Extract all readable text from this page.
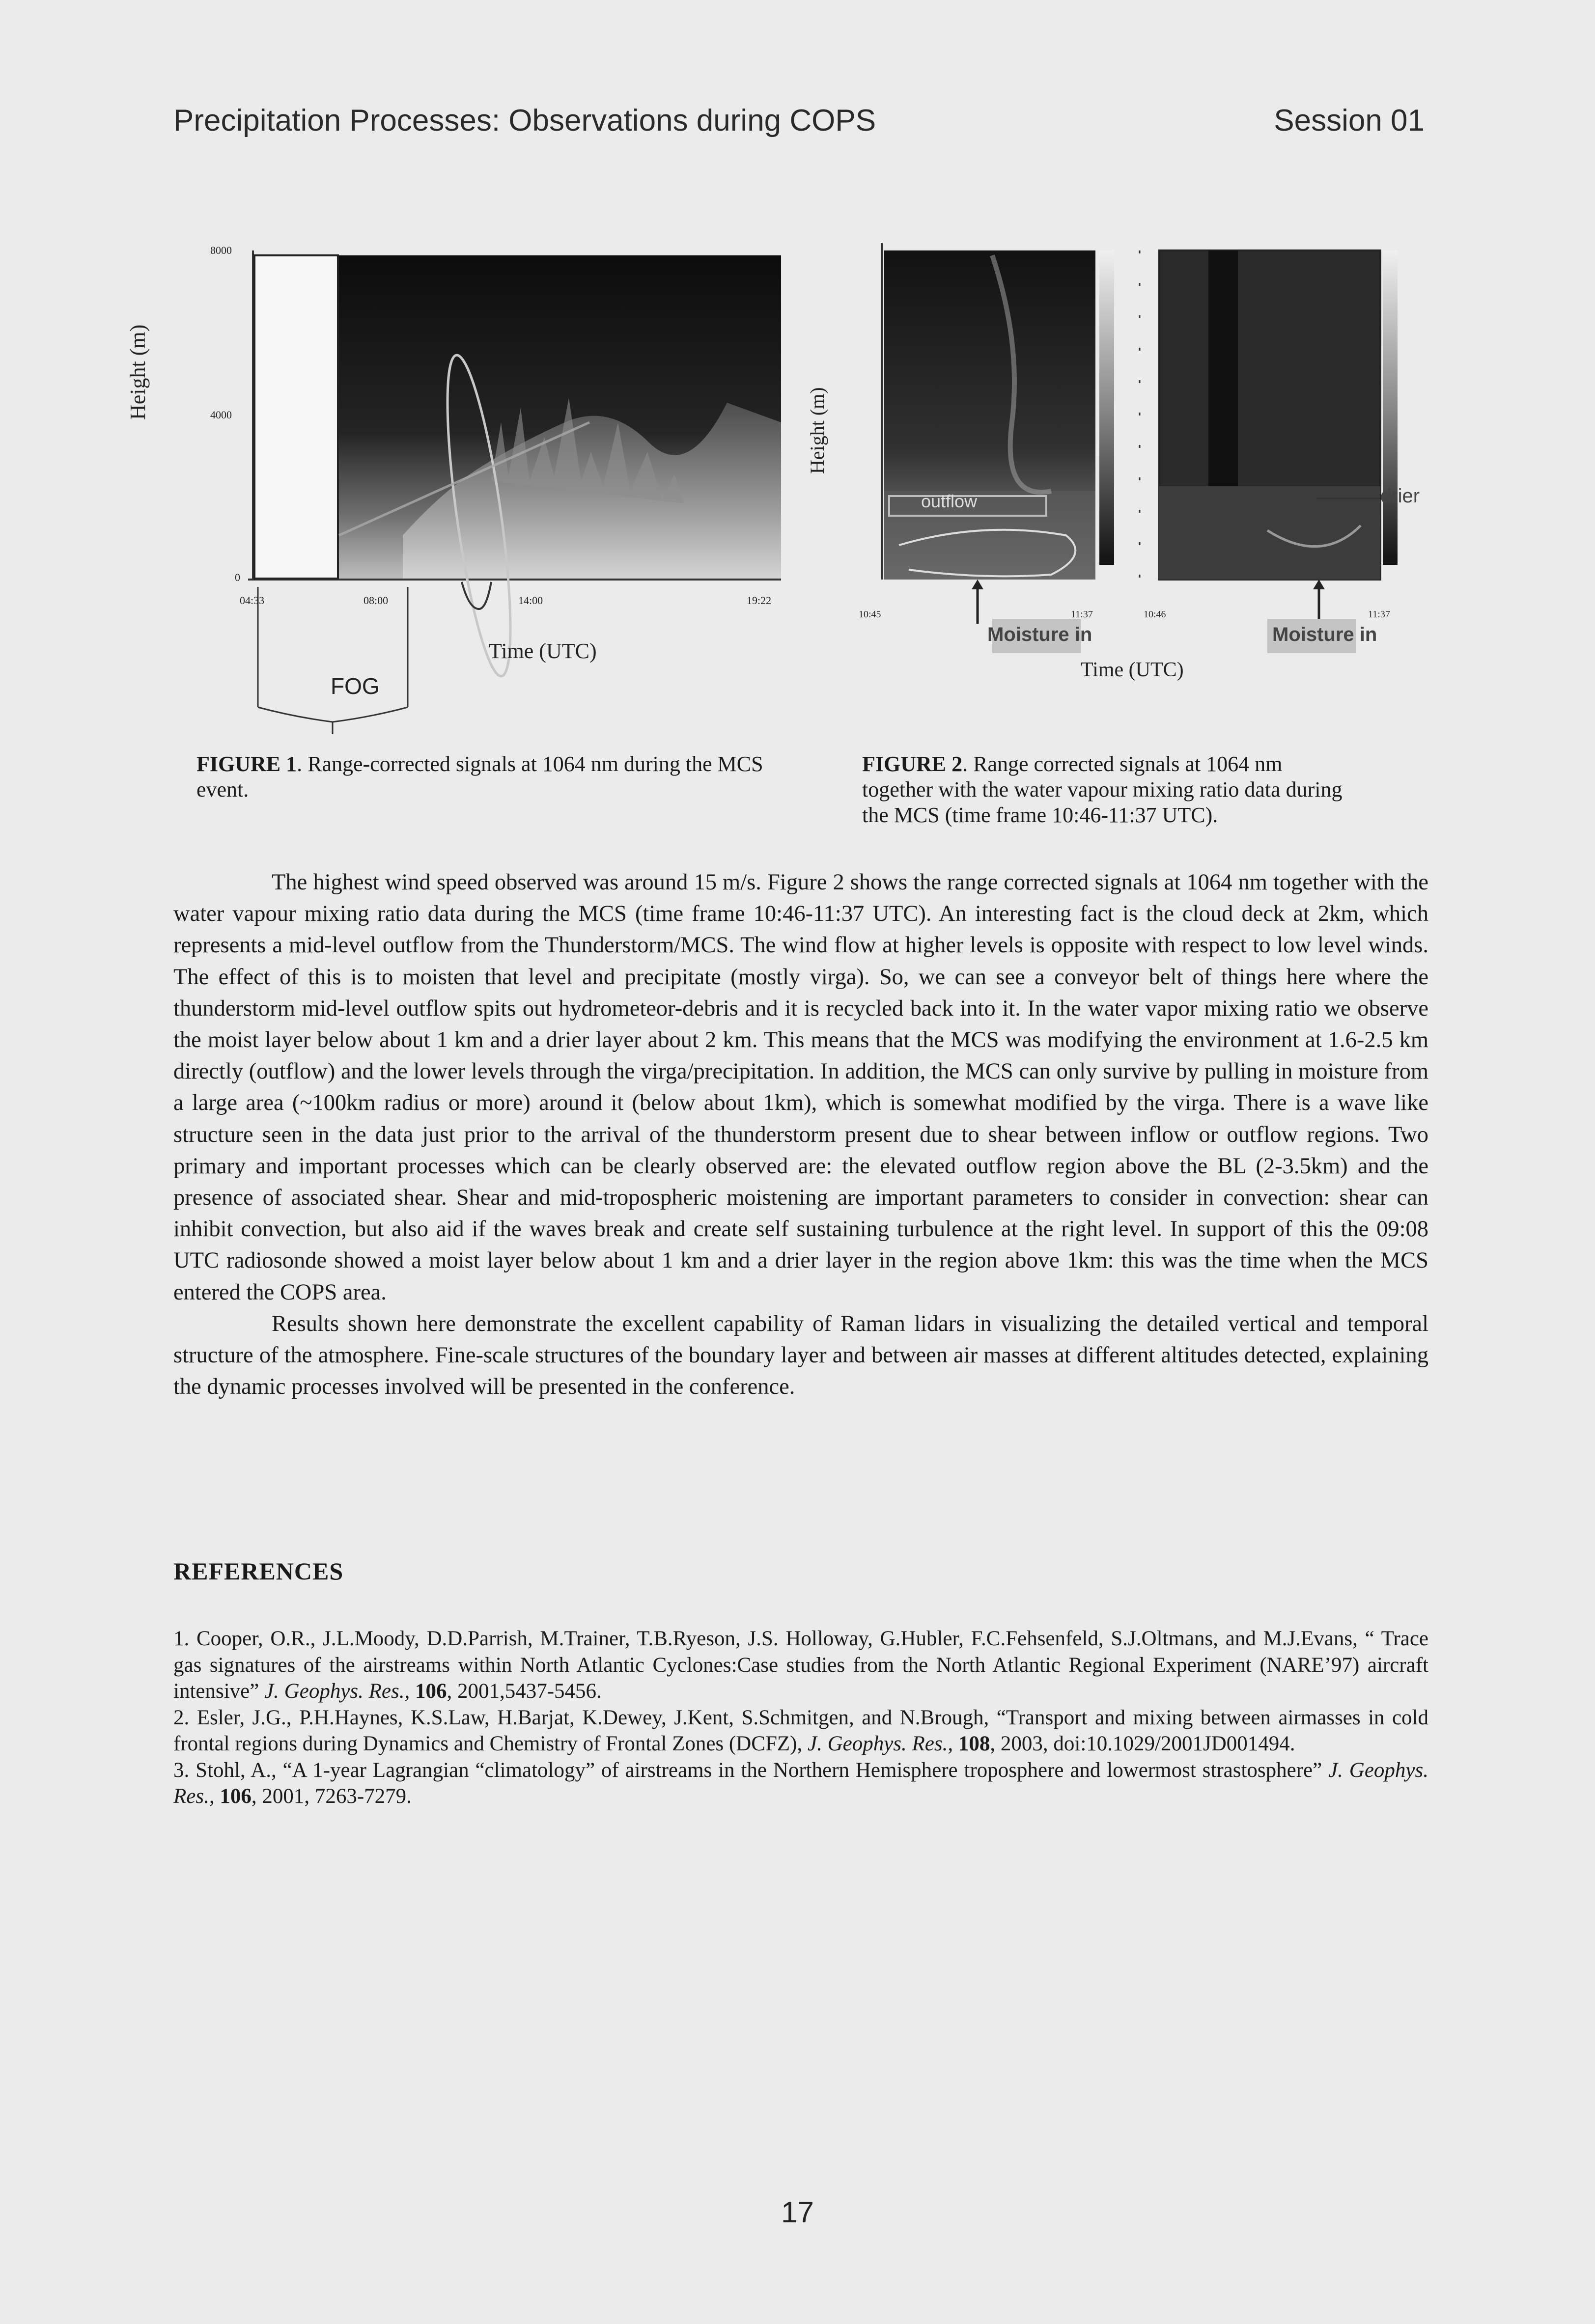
Precipitation Processes: Observations during COPS	Session 01
Height (m)
8000
4000
0
04:33	08:00	14:00	19:22
Time (UTC)
FOG
Height (m)
outflow	drier
Moisture in	Moisture in
10:45	11:37	10:46	11:37
Time (UTC)
FIGURE 1. Range-corrected signals at 1064 nm during the MCS event.
FIGURE 2. Range corrected signals at 1064 nm together with the water vapour mixing ratio data during the MCS (time frame 10:46-11:37 UTC).

The highest wind speed observed was around 15 m/s. Figure 2 shows the range corrected signals at 1064 nm together with the water vapour mixing ratio data during the MCS (time frame 10:46-11:37 UTC). An interesting fact is the cloud deck at 2km, which represents a mid-level outflow from the Thunderstorm/MCS. The wind flow at higher levels is opposite with respect to low level winds. The effect of this is to moisten that level and precipitate (mostly virga). So, we can see a conveyor belt of things here where the thunderstorm mid-level outflow spits out hydrometeor-debris and it is recycled back into it. In the water vapor mixing ratio we observe the moist layer below about 1 km and a drier layer about 2 km. This means that the MCS was modifying the environment at 1.6-2.5 km directly (outflow) and the lower levels through the virga/precipitation. In addition, the MCS can only survive by pulling in moisture from a large area (~100km radius or more) around it (below about 1km), which is somewhat modified by the virga. There is a wave like structure seen in the data just prior to the arrival of the thunderstorm present due to shear between inflow or outflow regions. Two primary and important processes which can be clearly observed are: the elevated outflow region above the BL (2-3.5km) and the presence of associated shear. Shear and mid-tropospheric moistening are important parameters to consider in convection: shear can inhibit convection, but also aid if the waves break and create self sustaining turbulence at the right level. In support of this the 09:08 UTC radiosonde showed a moist layer below about 1 km and a drier layer in the region above 1km: this was the time when the MCS entered the COPS area.

Results shown here demonstrate the excellent capability of Raman lidars in visualizing the detailed vertical and temporal structure of the atmosphere. Fine-scale structures of the boundary layer and between air masses at different altitudes detected, explaining the dynamic processes involved will be presented in the conference.

REFERENCES

1. Cooper, O.R., J.L.Moody, D.D.Parrish, M.Trainer, T.B.Ryeson, J.S. Holloway, G.Hubler, F.C.Fehsenfeld, S.J.Oltmans, and M.J.Evans, “ Trace gas signatures of the airstreams within North Atlantic Cyclones:Case studies from the North Atlantic Regional Experiment (NARE’97) aircraft intensive” J. Geophys. Res., 106, 2001,5437-5456.

2. Esler, J.G., P.H.Haynes, K.S.Law, H.Barjat, K.Dewey, J.Kent, S.Schmitgen, and N.Brough, “Transport and mixing between airmasses in cold frontal regions during Dynamics and Chemistry of Frontal Zones (DCFZ), J. Geophys. Res., 108, 2003, doi:10.1029/2001JD001494.

3. Stohl, A., “A 1-year Lagrangian “climatology” of airstreams in the Northern Hemisphere troposphere and lowermost strastosphere” J. Geophys. Res., 106, 2001, 7263-7279.

17
